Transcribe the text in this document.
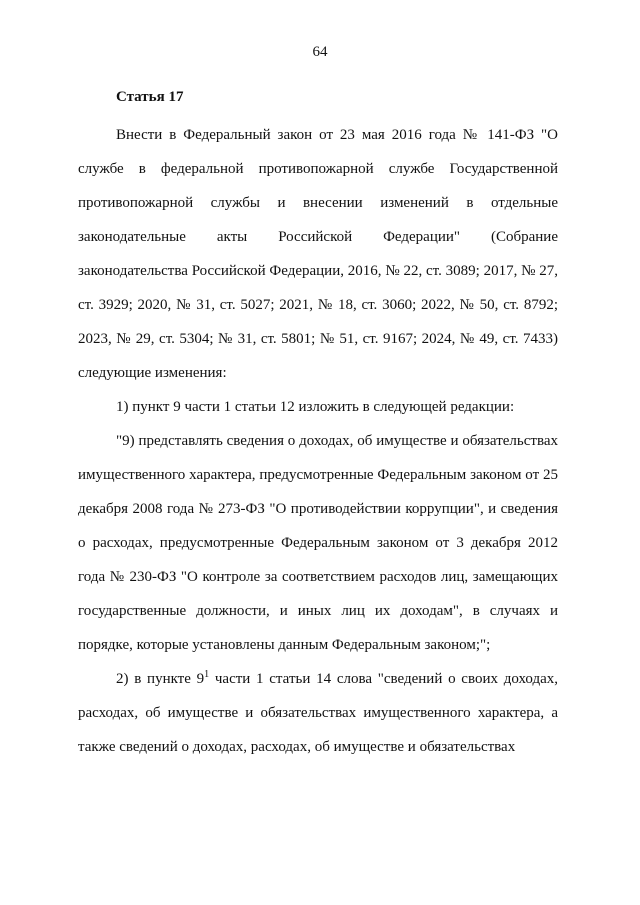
64
Статья 17

Внести в Федеральный закон от 23 мая 2016 года № 141-ФЗ "О службе в федеральной противопожарной службе Государственной противопожарной службы и внесении изменений в отдельные законодательные акты Российской Федерации" (Собрание законодательства Российской Федерации, 2016, № 22, ст. 3089; 2017, № 27, ст. 3929; 2020, № 31, ст. 5027; 2021, № 18, ст. 3060; 2022, № 50, ст. 8792; 2023, № 29, ст. 5304; № 31, ст. 5801; № 51, ст. 9167; 2024, № 49, ст. 7433) следующие изменения:

1) пункт 9 части 1 статьи 12 изложить в следующей редакции:

"9) представлять сведения о доходах, об имуществе и обязательствах имущественного характера, предусмотренные Федеральным законом от 25 декабря 2008 года № 273-ФЗ "О противодействии коррупции", и сведения о расходах, предусмотренные Федеральным законом от 3 декабря 2012 года № 230-ФЗ "О контроле за соответствием расходов лиц, замещающих государственные должности, и иных лиц их доходам", в случаях и порядке, которые установлены данным Федеральным законом;";

2) в пункте $9^1$ части 1 статьи 14 слова "сведений о своих доходах, расходах, об имуществе и обязательствах имущественного характера, а также сведений о доходах, расходах, об имуществе и обязательствах
